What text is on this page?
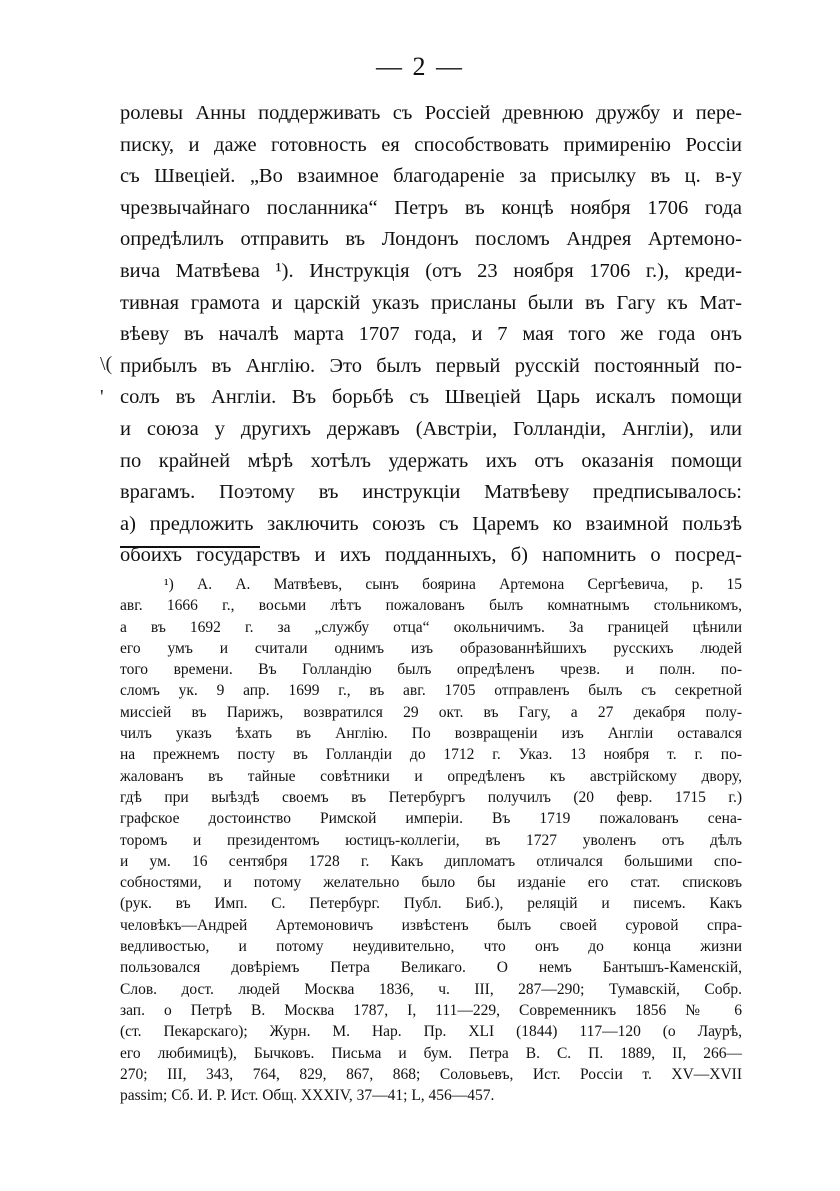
— 2 —
\(
'
ролевы Анны поддерживать съ Россiей древнюю дружбу и пере-
писку, и даже готовность ея способствовать примиренiю Россiи
съ Швецiей. „Во взаимное благодаренiе за присылку въ ц. в-у
чрезвычайнаго посланника“ Петръ въ концѣ ноября 1706 года
опредѣлилъ отправить въ Лондонъ посломъ Андрея Артемоно-
вича Матвѣева ¹). Инструкцiя (отъ 23 ноября 1706 г.), креди-
тивная грамота и царскiй указъ присланы были въ Гагу къ Мат-
вѣеву въ началѣ марта 1707 года, и 7 мая того же года онъ
прибылъ въ Англiю. Это былъ первый русскiй постоянный по-
солъ въ Англiи. Въ борьбѣ съ Швецiей Царь искалъ помощи
и союза у другихъ державъ (Австрiи, Голландiи, Англiи), или
по крайней мѣрѣ хотѣлъ удержать ихъ отъ оказанiя помощи
врагамъ. Поэтому въ инструкцiи Матвѣеву предписывалось:
а) предложить заключить союзъ съ Царемъ ко взаимной пользѣ
обоихъ государствъ и ихъ подданныхъ, б) напомнить о посред-
¹) А. А. Матвѣевъ, сынъ боярина Артемона Сергѣевича, р. 15
авг. 1666 г., восьми лѣтъ пожалованъ былъ комнатнымъ стольникомъ,
а въ 1692 г. за „службу отца“ окольничимъ. За границей цѣнили
его умъ и считали однимъ изъ образованнѣйшихъ русскихъ людей
того времени. Въ Голландiю былъ опредѣленъ чрезв. и полн. по-
сломъ ук. 9 апр. 1699 г., въ авг. 1705 отправленъ былъ съ секретной
миссiей въ Парижъ, возвратился 29 окт. въ Гагу, а 27 декабря полу-
чилъ указъ ѣхать въ Англiю. По возвращенiи изъ Англiи оставался
на прежнемъ посту въ Голландiи до 1712 г. Указ. 13 ноября т. г. по-
жалованъ въ тайные совѣтники и опредѣленъ къ австрiйскому двору,
гдѣ при выѣздѣ своемъ въ Петербургъ получилъ (20 февр. 1715 г.)
графское достоинство Римской имперiи. Въ 1719 пожалованъ сена-
торомъ и президентомъ юстицъ-коллегiи, въ 1727 уволенъ отъ дѣлъ
и ум. 16 сентября 1728 г. Какъ дипломатъ отличался большими спо-
собностями, и потому желательно было бы изданiе его стат. списковъ
(рук. въ Имп. С. Петербург. Публ. Биб.), реляцiй и писемъ. Какъ
человѣкъ—Андрей Артемоновичъ извѣстенъ былъ своей суровой спра-
ведливостью, и потому неудивительно, что онъ до конца жизни
пользовался довѣрiемъ Петра Великаго. О немъ Бантышъ-Каменскiй,
Слов. дост. людей Москва 1836, ч. III, 287—290; Тумавскiй, Собр.
зап. о Петрѣ В. Москва 1787, I, 111—229, Современникъ 1856 № 6
(ст. Пекарскаго); Журн. М. Нар. Пр. XLI (1844) 117—120 (о Лаурѣ,
его любимицѣ), Бычковъ. Письма и бум. Петра В. С. П. 1889, II, 266—
270; III, 343, 764, 829, 867, 868; Соловьевъ, Ист. Россiи т. XV—XVII
passim; Сб. И. Р. Ист. Общ. XXXIV, 37—41; L, 456—457.
